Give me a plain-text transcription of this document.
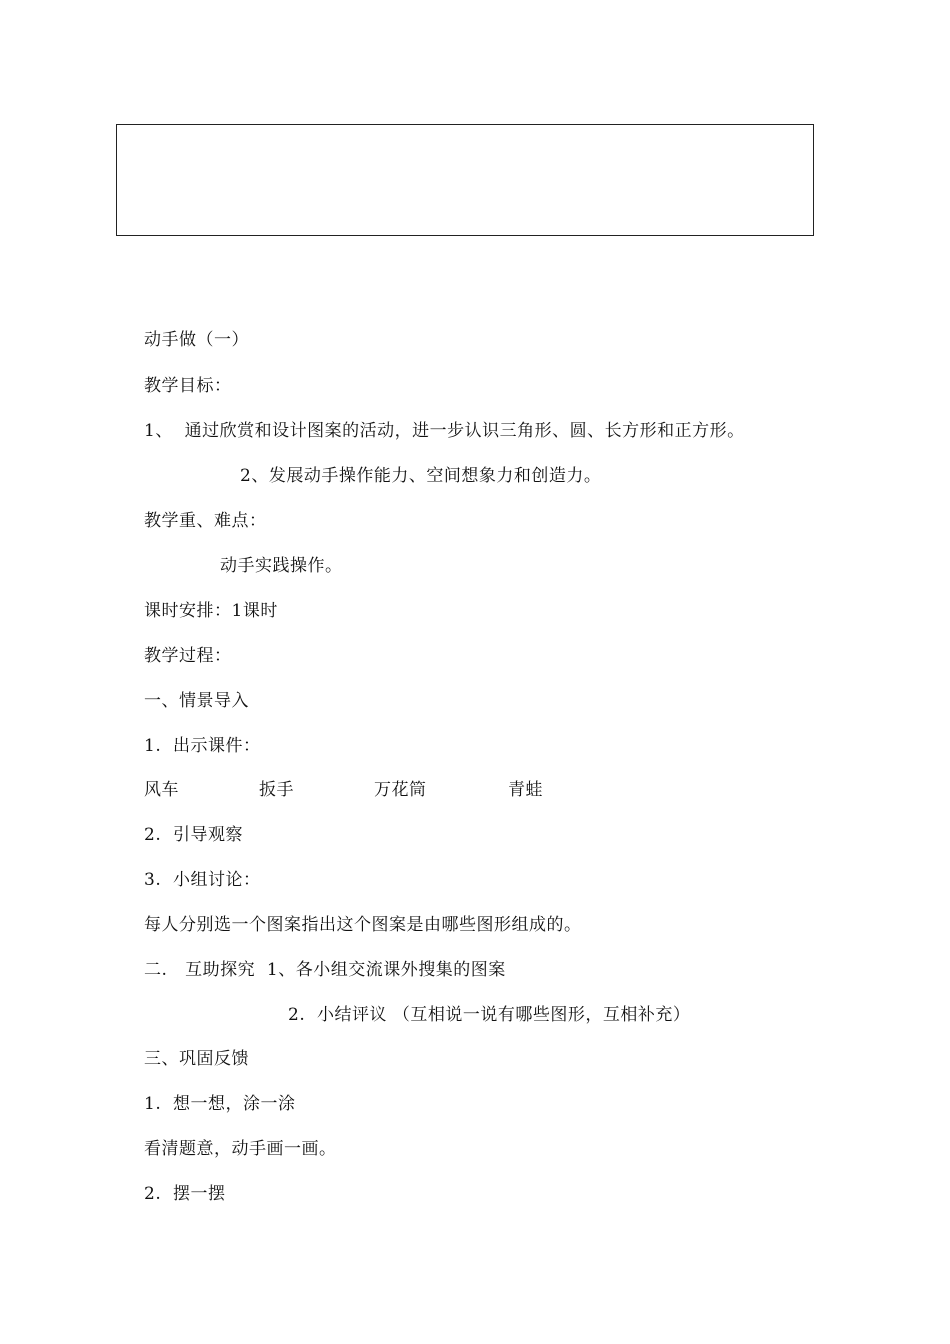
动手做（一）
教学目标：
1、  通过欣赏和设计图案的活动，进一步认识三角形、圆、长方形和正方形。
2、发展动手操作能力、空间想象力和创造力。
教学重、难点：
动手实践操作。
课时安排：1课时
教学过程：
一、情景导入
1.  出示课件：

风车

	扳手

	万花筒

	青蛙

2.  引导观察
3.  小组讨论：
每人分别选一个图案指出这个图案是由哪些图形组成的。
二.   互助探究  1、各小组交流课外搜集的图案
2.  小结评议 （互相说一说有哪些图形，互相补充）
三、巩固反馈
1.  想一想，涂一涂
看清题意，动手画一画。
2.  摆一摆
